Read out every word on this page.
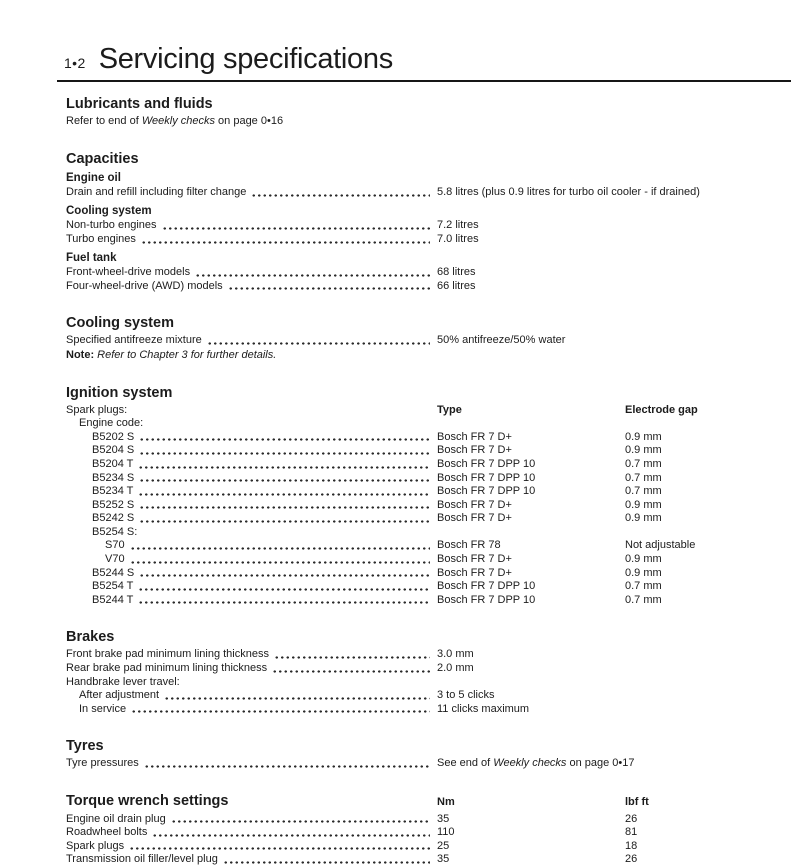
1•2 Servicing specifications
Lubricants and fluids
Refer to end of Weekly checks on page 0•16
Capacities
Engine oil
Drain and refill including filter change	5.8 litres (plus 0.9 litres for turbo oil cooler - if drained)
Cooling system
Non-turbo engines	7.2 litres
Turbo engines	7.0 litres
Fuel tank
Front-wheel-drive models	68 litres
Four-wheel-drive (AWD) models	66 litres
Cooling system
Specified antifreeze mixture	50% antifreeze/50% water
Note: Refer to Chapter 3 for further details.
Ignition system
Spark plugs:	Type	Electrode gap
Engine code:
B5202 S	Bosch FR 7 D+	0.9 mm
B5204 S	Bosch FR 7 D+	0.9 mm
B5204 T	Bosch FR 7 DPP 10	0.7 mm
B5234 S	Bosch FR 7 DPP 10	0.7 mm
B5234 T	Bosch FR 7 DPP 10	0.7 mm
B5252 S	Bosch FR 7 D+	0.9 mm
B5242 S	Bosch FR 7 D+	0.9 mm
B5254 S:
S70	Bosch FR 78	Not adjustable
V70	Bosch FR 7 D+	0.9 mm
B5244 S	Bosch FR 7 D+	0.9 mm
B5254 T	Bosch FR 7 DPP 10	0.7 mm
B5244 T	Bosch FR 7 DPP 10	0.7 mm
Brakes
Front brake pad minimum lining thickness	3.0 mm
Rear brake pad minimum lining thickness	2.0 mm
Handbrake lever travel:
After adjustment	3 to 5 clicks
In service	11 clicks maximum
Tyres
Tyre pressures	See end of Weekly checks on page 0•17
Torque wrench settings	Nm	lbf ft
Engine oil drain plug	35	26
Roadwheel bolts	110	81
Spark plugs	25	18
Transmission oil filler/level plug	35	26
